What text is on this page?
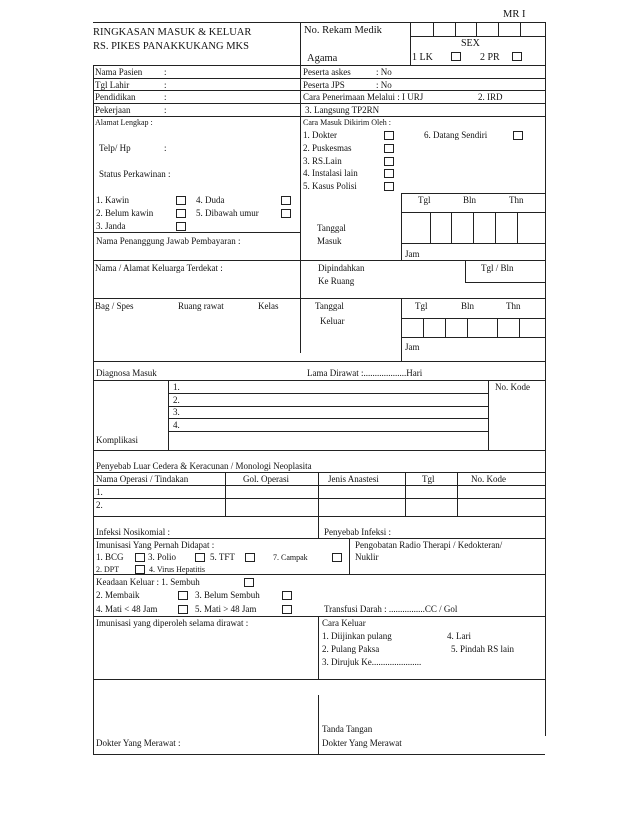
MR I
RINGKASAN MASUK & KELUAR
RS. PIKES PANAKKUKANG MKS
No. Rekam Medik
SEX
Agama	1 LK	2 PR
Nama Pasien :
Tgl Lahir	:
Pendidikan	:
Pekerjaan	:
Alamat Lengkap :
Telp/ Hp	:
Peserta askes	: No
Peserta JPS	: No
Cara Penerimaan Melalui : I URJ	2. IRD
3. Langsung TP2RN
Cara Masuk Dikirim Oleh :
1. Dokter	6. Datang Sendiri
2. Puskesmas
3. RS.Lain
4. Instalasi lain
5. Kasus Polisi
Status Perkawinan :
1. Kawin	4. Duda
2. Belum kawin	5. Dibawah umur
3. Janda
Nama Penanggung Jawab Pembayaran :
Tgl	Bln	Thn
Tanggal
Masuk
Jam
Nama / Alamat Keluarga Terdekat :	Dipindahkan
Ke Ruang
Tgl / Bln
Bag / Spes	Ruang rawat	Kelas	Tanggal
Keluar
Tgl	Bln	Thn
Jam
Diagnosa Masuk	Lama Dirawat :...................Hari
1.
2.
3.
4.
No. Kode
Komplikasi
Penyebab Luar Cedera & Keracunan / Monologi Neoplasita
Nama Operasi / Tindakan	Gol. Operasi	Jenis Anastesi	Tgl	No. Kode
1.
2.
Infeksi Nosikomial :	Penyebab Infeksi :
Imunisasi Yang Pernah Didapat :
1. BCG	3. Polio	5. TFT	7. Campak
2. DPT	4. Virus Hepatitis
Pengobatan Radio Therapi / Kedokteran/
Nuklir
Keadaan Keluar : 1. Sembuh
2. Membaik	3. Belum Sembuh
4. Mati < 48 Jam	5. Mati > 48 Jam	Transfusi Darah : ................CC / Gol
Imunisasi yang diperoleh selama dirawat :	Cara Keluar
1. Diijinkan pulang	4. Lari
2. Pulang Paksa	5. Pindah RS lain
3. Dirujuk Ke......................
Tanda Tangan
Dokter Yang Merawat :	Dokter Yang Merawat
